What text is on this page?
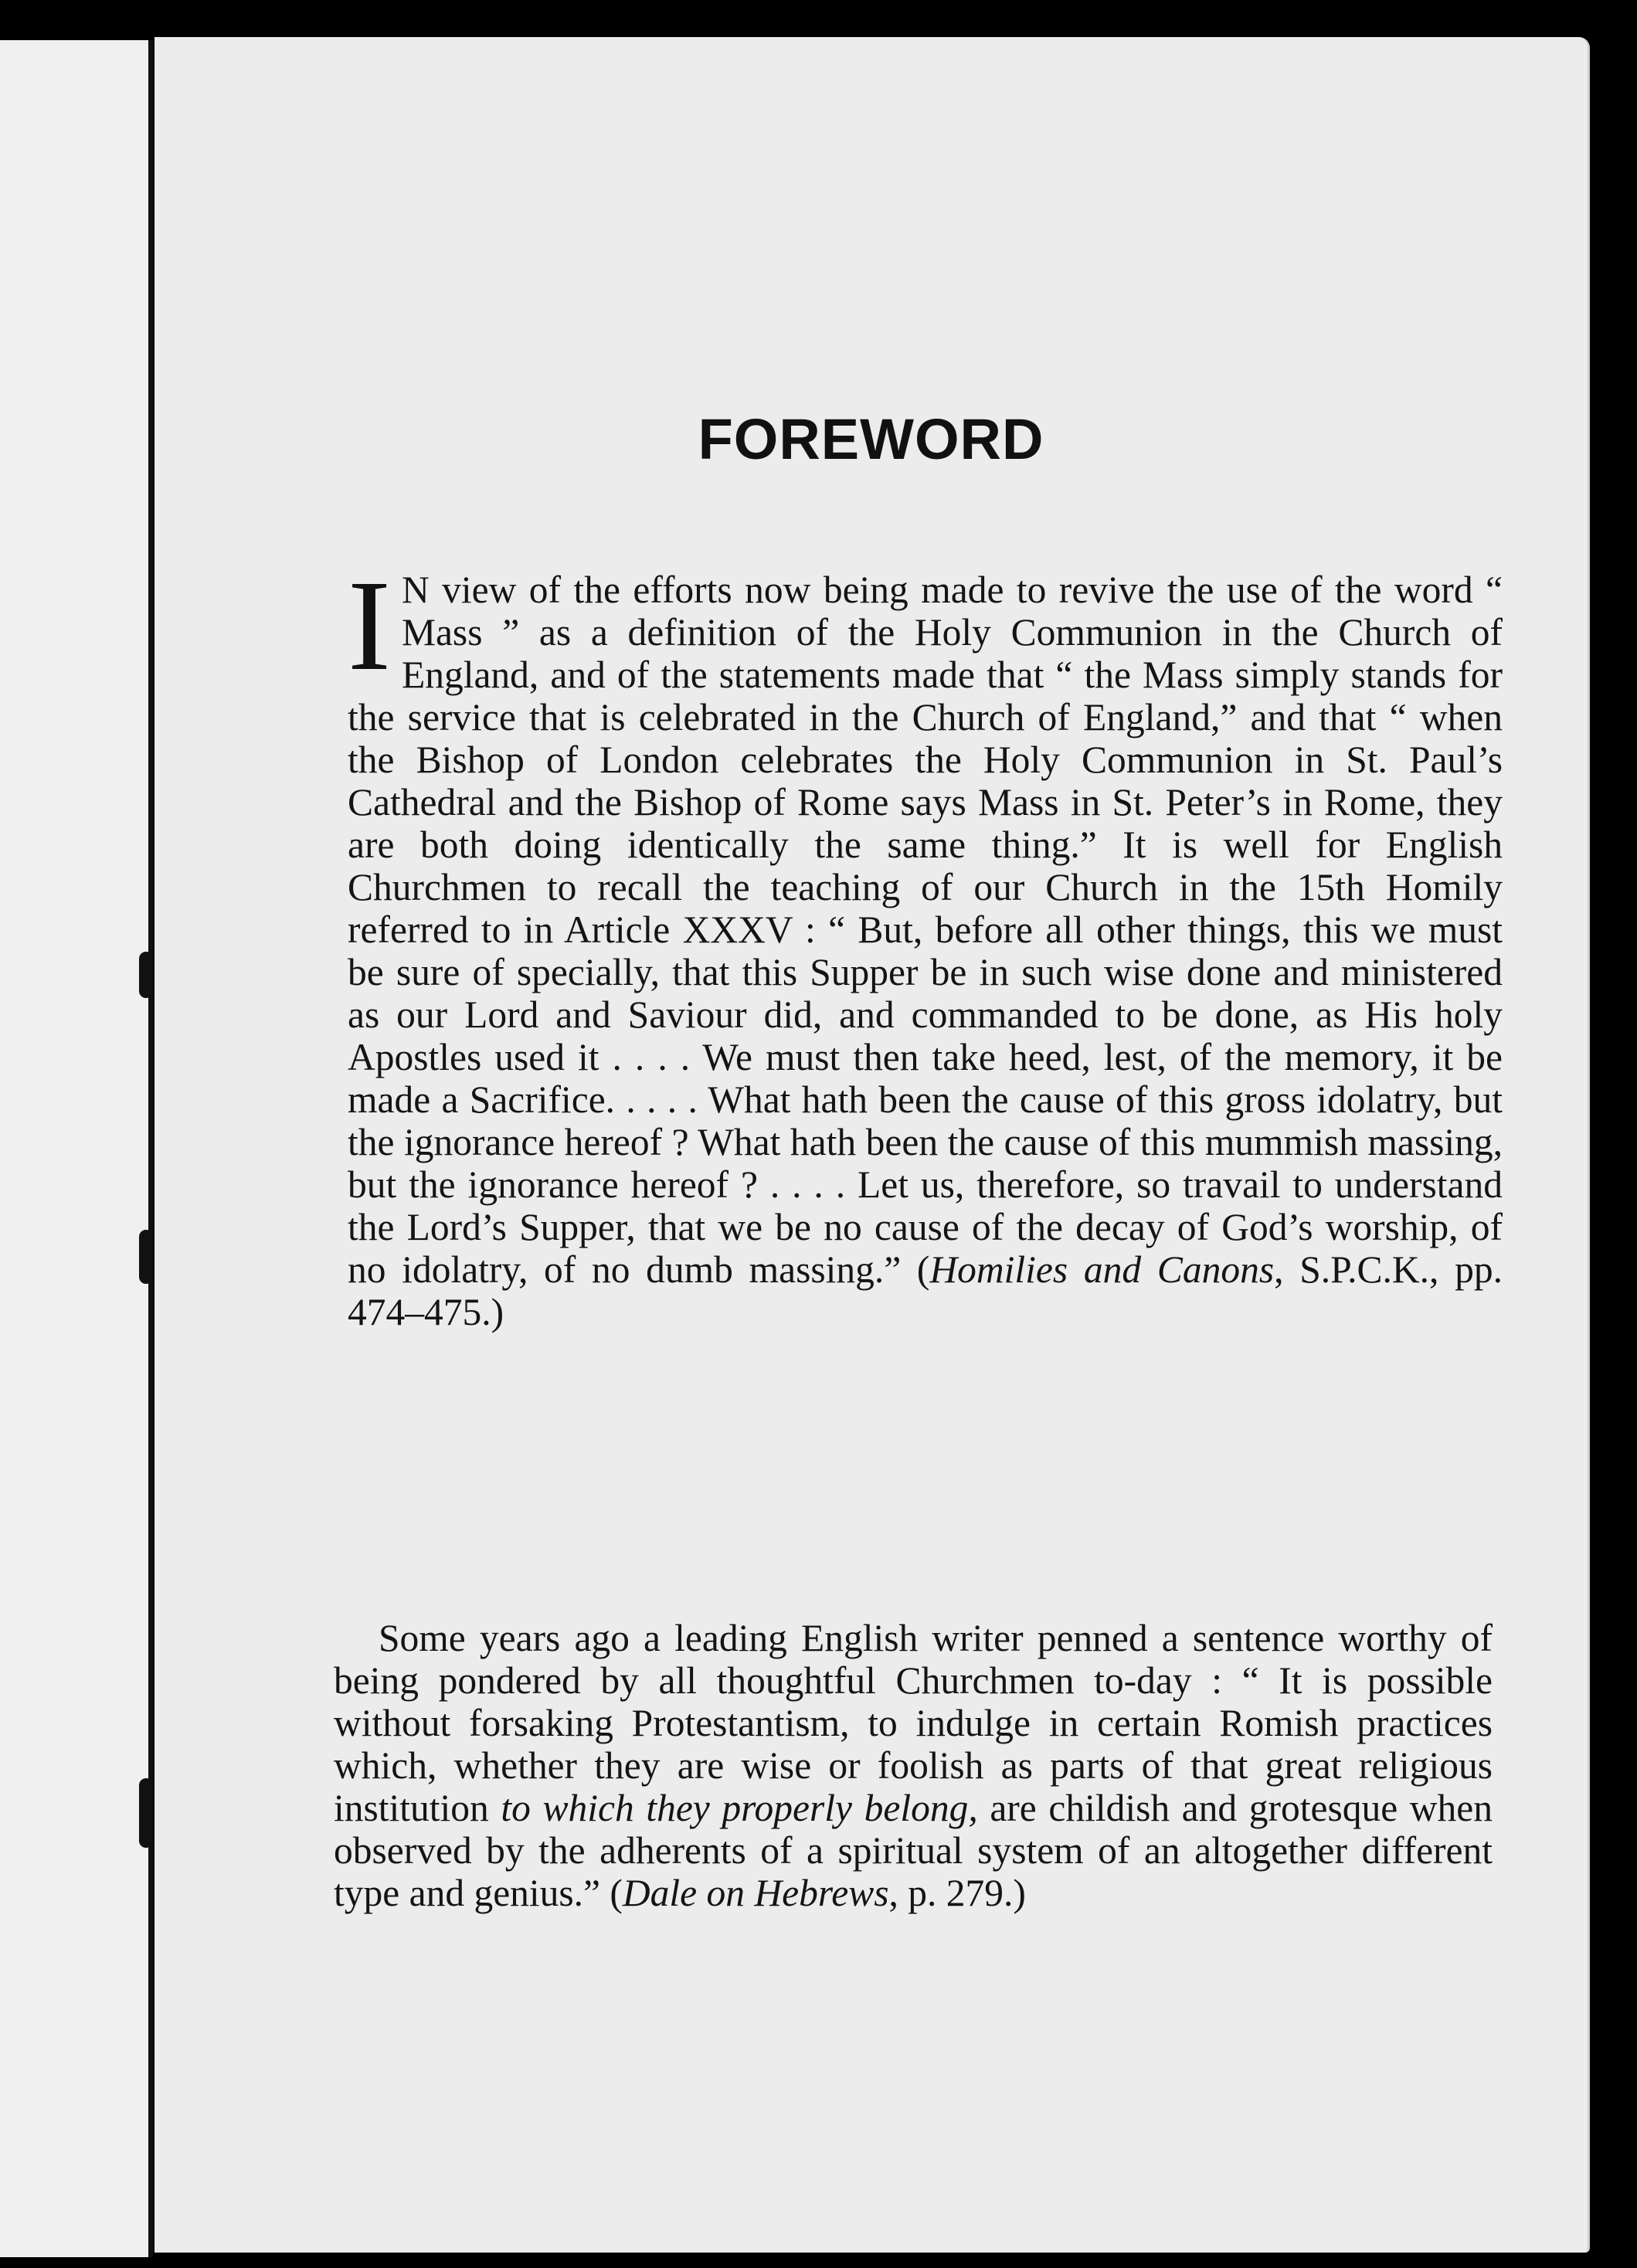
FOREWORD

I N view of the efforts now being made to revive the use of the word “ Mass ” as a definition of the Holy Communion in the Church of England, and of the statements made that “ the Mass simply stands for the service that is celebrated in the Church of England,” and that “ when the Bishop of London celebrates the Holy Communion in St. Paul’s Cathedral and the Bishop of Rome says Mass in St. Peter’s in Rome, they are both doing identically the same thing.” It is well for English Churchmen to recall the teaching of our Church in the 15th Homily referred to in Article XXXV : “ But, before all other things, this we must be sure of specially, that this Supper be in such wise done and ministered as our Lord and Saviour did, and commanded to be done, as His holy Apostles used it . . . . We must then take heed, lest, of the memory, it be made a Sacrifice. . . . . What hath been the cause of this gross idolatry, but the ignorance hereof ? What hath been the cause of this mummish massing, but the ignorance hereof ? . . . . Let us, therefore, so travail to understand the Lord’s Supper, that we be no cause of the decay of God’s worship, of no idolatry, of no dumb massing.” (Homilies and Canons, S.P.C.K., pp. 474–475.)

Some years ago a leading English writer penned a sentence worthy of being pondered by all thoughtful Churchmen to-day : “ It is possible without forsaking Protestantism, to indulge in certain Romish practices which, whether they are wise or foolish as parts of that great religious institution to which they properly belong, are childish and grotesque when observed by the adherents of a spiritual system of an altogether different type and genius.” (Dale on Hebrews, p. 279.)
